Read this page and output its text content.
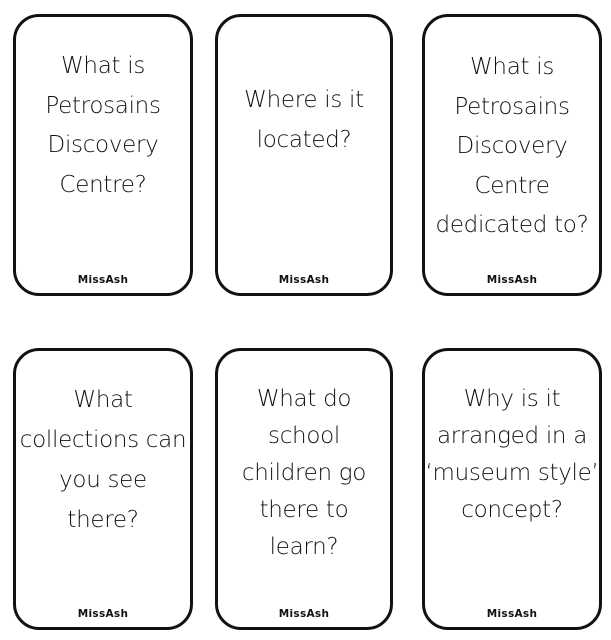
What is
Petrosains
Discovery
Centre?
MissAsh
Where is it
located?
MissAsh
What is
Petrosains
Discovery
Centre
dedicated to?
MissAsh
What
collections can
you see
there?
MissAsh
What do
school
children go
there to
learn?
MissAsh
Why is it
arranged in a
‘museum style’
concept?
MissAsh
